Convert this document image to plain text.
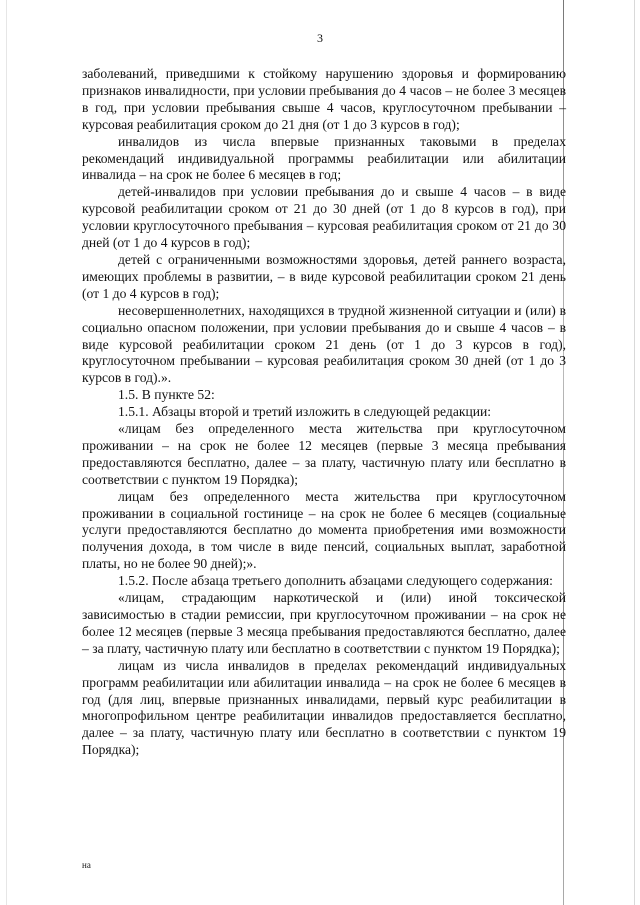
3

заболеваний, приведшими к стойкому нарушению здоровья и формированию признаков инвалидности, при условии пребывания до 4 часов – не более 3 месяцев в год, при условии пребывания свыше 4 часов, круглосуточном пребывании – курсовая реабилитация сроком до 21 дня (от 1 до 3 курсов в год);

инвалидов из числа впервые признанных таковыми в пределах рекомендаций индивидуальной программы реабилитации или абилитации инвалида – на срок не более 6 месяцев в год;

детей-инвалидов при условии пребывания до и свыше 4 часов – в виде курсовой реабилитации сроком от 21 до 30 дней (от 1 до 8 курсов в год), при условии круглосуточного пребывания – курсовая реабилитация сроком от 21 до 30 дней (от 1 до 4 курсов в год);

детей с ограниченными возможностями здоровья, детей раннего возраста, имеющих проблемы в развитии, – в виде курсовой реабилитации сроком 21 день (от 1 до 4 курсов в год);

несовершеннолетних, находящихся в трудной жизненной ситуации и (или) в социально опасном положении, при условии пребывания до и свыше 4 часов – в виде курсовой реабилитации сроком 21 день (от 1 до 3 курсов в год), круглосуточном пребывании – курсовая реабилитация сроком 30 дней (от 1 до 3 курсов в год).».

1.5. В пункте 52:

1.5.1. Абзацы второй и третий изложить в следующей редакции:

«лицам без определенного места жительства при круглосуточном проживании – на срок не более 12 месяцев (первые 3 месяца пребывания предоставляются бесплатно, далее – за плату, частичную плату или бесплатно в соответствии с пунктом 19 Порядка);

лицам без определенного места жительства при круглосуточном проживании в социальной гостинице – на срок не более 6 месяцев (социальные услуги предоставляются бесплатно до момента приобретения ими возможности получения дохода, в том числе в виде пенсий, социальных выплат, заработной платы, но не более 90 дней);».

1.5.2. После абзаца третьего дополнить абзацами следующего содержания:

«лицам, страдающим наркотической и (или) иной токсической зависимостью в стадии ремиссии, при круглосуточном проживании – на срок не более 12 месяцев (первые 3 месяца пребывания предоставляются бесплатно, далее – за плату, частичную плату или бесплатно в соответствии с пунктом 19 Порядка);

лицам из числа инвалидов в пределах рекомендаций индивидуальных программ реабилитации или абилитации инвалида – на срок не более 6 месяцев в год (для лиц, впервые признанных инвалидами, первый курс реабилитации в многопрофильном центре реабилитации инвалидов предоставляется бесплатно, далее – за плату, частичную плату или бесплатно в соответствии с пунктом 19 Порядка);

на
